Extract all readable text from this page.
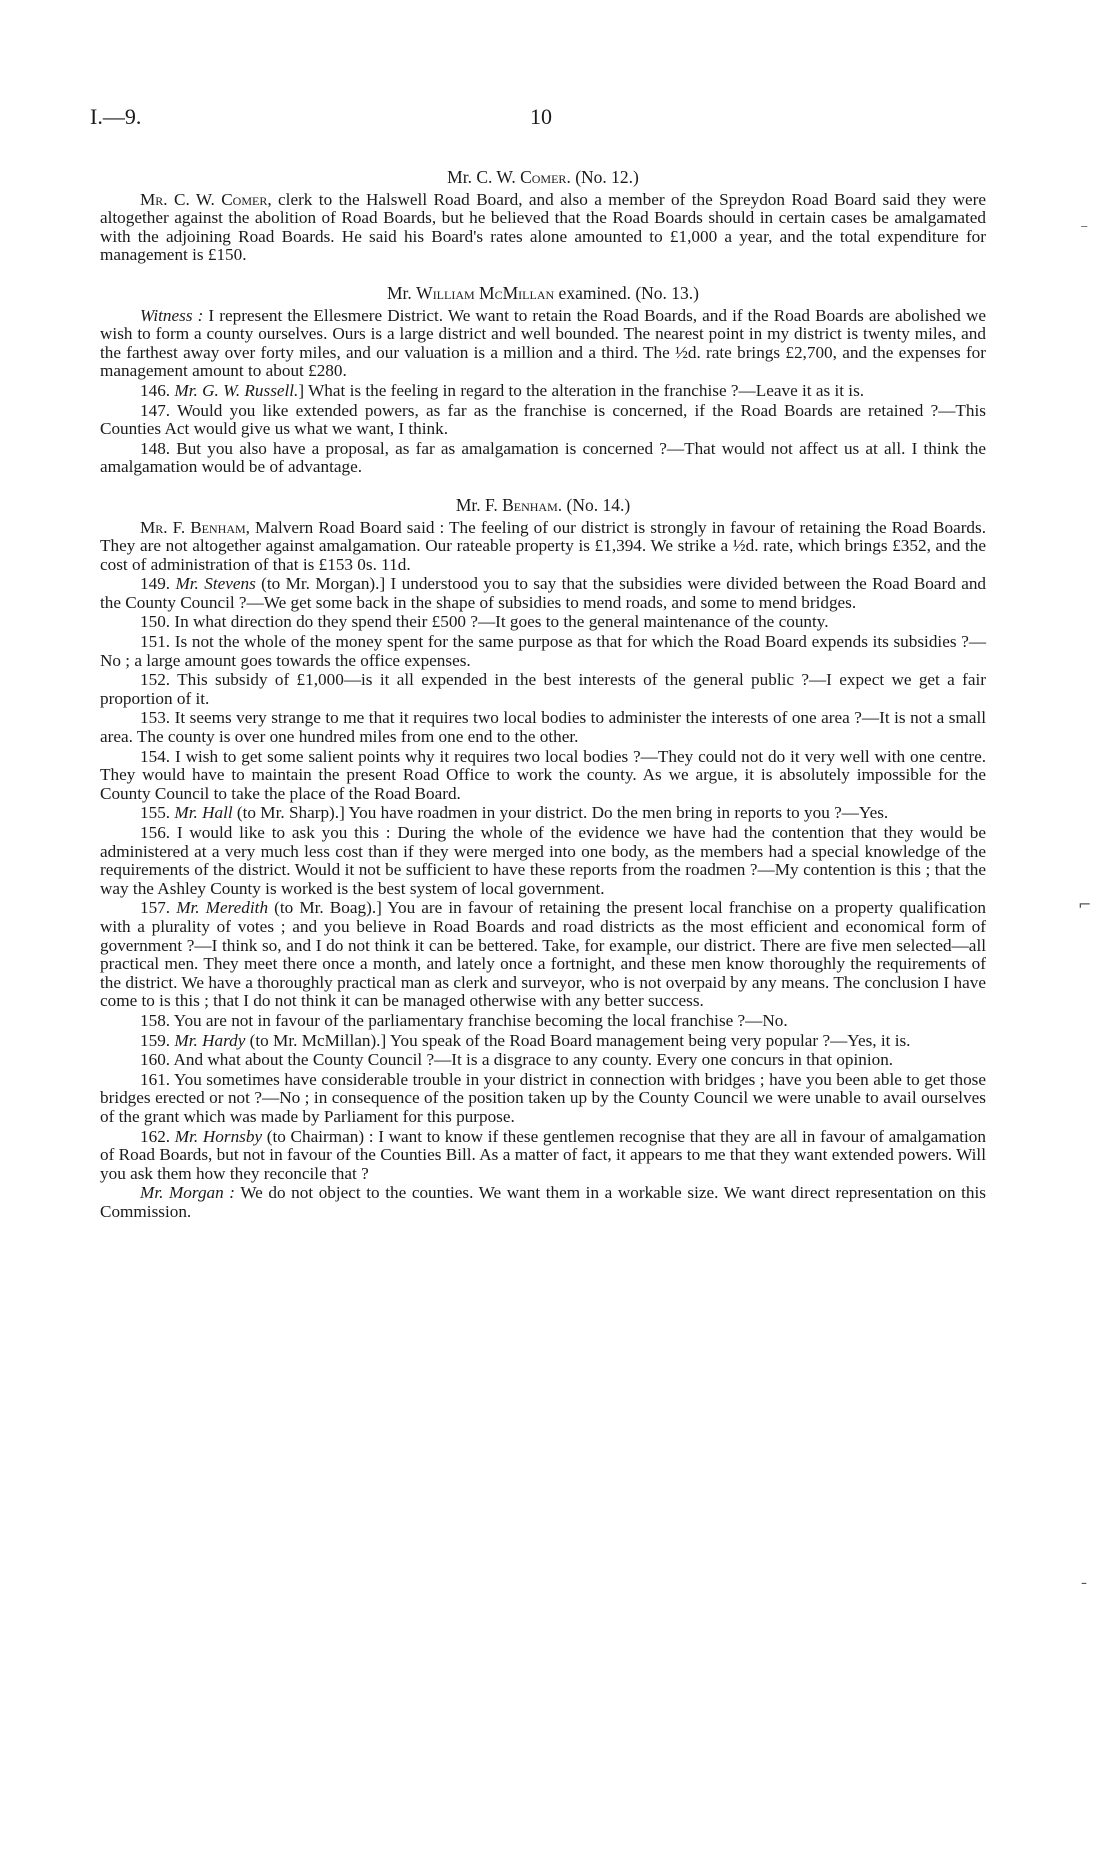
I.—9.	10
Mr. C. W. Comer. (No. 12.)

Mr. C. W. Comer, clerk to the Halswell Road Board, and also a member of the Spreydon Road Board said they were altogether against the abolition of Road Boards, but he believed that the Road Boards should in certain cases be amalgamated with the adjoining Road Boards. He said his Board's rates alone amounted to £1,000 a year, and the total expenditure for management is £150.

Mr. William McMillan examined. (No. 13.)

Witness : I represent the Ellesmere District. We want to retain the Road Boards, and if the Road Boards are abolished we wish to form a county ourselves. Ours is a large district and well bounded. The nearest point in my district is twenty miles, and the farthest away over forty miles, and our valuation is a million and a third. The ½d. rate brings £2,700, and the expenses for management amount to about £280.

146. Mr. G. W. Russell.] What is the feeling in regard to the alteration in the franchise ?—Leave it as it is.

147. Would you like extended powers, as far as the franchise is concerned, if the Road Boards are retained ?—This Counties Act would give us what we want, I think.

148. But you also have a proposal, as far as amalgamation is concerned ?—That would not affect us at all. I think the amalgamation would be of advantage.

Mr. F. Benham. (No. 14.)

Mr. F. Benham, Malvern Road Board said : The feeling of our district is strongly in favour of retaining the Road Boards. They are not altogether against amalgamation. Our rateable property is £1,394. We strike a ½d. rate, which brings £352, and the cost of administration of that is £153 0s. 11d.

149. Mr. Stevens (to Mr. Morgan).] I understood you to say that the subsidies were divided between the Road Board and the County Council ?—We get some back in the shape of subsidies to mend roads, and some to mend bridges.

150. In what direction do they spend their £500 ?—It goes to the general maintenance of the county.

151. Is not the whole of the money spent for the same purpose as that for which the Road Board expends its subsidies ?—No ; a large amount goes towards the office expenses.

152. This subsidy of £1,000—is it all expended in the best interests of the general public ?—I expect we get a fair proportion of it.

153. It seems very strange to me that it requires two local bodies to administer the interests of one area ?—It is not a small area. The county is over one hundred miles from one end to the other.

154. I wish to get some salient points why it requires two local bodies ?—They could not do it very well with one centre. They would have to maintain the present Road Office to work the county. As we argue, it is absolutely impossible for the County Council to take the place of the Road Board.

155. Mr. Hall (to Mr. Sharp).] You have roadmen in your district. Do the men bring in reports to you ?—Yes.

156. I would like to ask you this : During the whole of the evidence we have had the contention that they would be administered at a very much less cost than if they were merged into one body, as the members had a special knowledge of the requirements of the district. Would it not be sufficient to have these reports from the roadmen ?—My contention is this ; that the way the Ashley County is worked is the best system of local government.

157. Mr. Meredith (to Mr. Boag).] You are in favour of retaining the present local franchise on a property qualification with a plurality of votes ; and you believe in Road Boards and road districts as the most efficient and economical form of government ?—I think so, and I do not think it can be bettered. Take, for example, our district. There are five men selected—all practical men. They meet there once a month, and lately once a fortnight, and these men know thoroughly the requirements of the district. We have a thoroughly practical man as clerk and surveyor, who is not overpaid by any means. The conclusion I have come to is this ; that I do not think it can be managed otherwise with any better success.

158. You are not in favour of the parliamentary franchise becoming the local franchise ?—No.

159. Mr. Hardy (to Mr. McMillan).] You speak of the Road Board management being very popular ?—Yes, it is.

160. And what about the County Council ?—It is a disgrace to any county. Every one concurs in that opinion.

161. You sometimes have considerable trouble in your district in connection with bridges ; have you been able to get those bridges erected or not ?—No ; in consequence of the position taken up by the County Council we were unable to avail ourselves of the grant which was made by Parliament for this purpose.

162. Mr. Hornsby (to Chairman) : I want to know if these gentlemen recognise that they are all in favour of amalgamation of Road Boards, but not in favour of the Counties Bill. As a matter of fact, it appears to me that they want extended powers. Will you ask them how they reconcile that ?

Mr. Morgan : We do not object to the counties. We want them in a workable size. We want direct representation on this Commission.

⁻
⌐
ˉ
